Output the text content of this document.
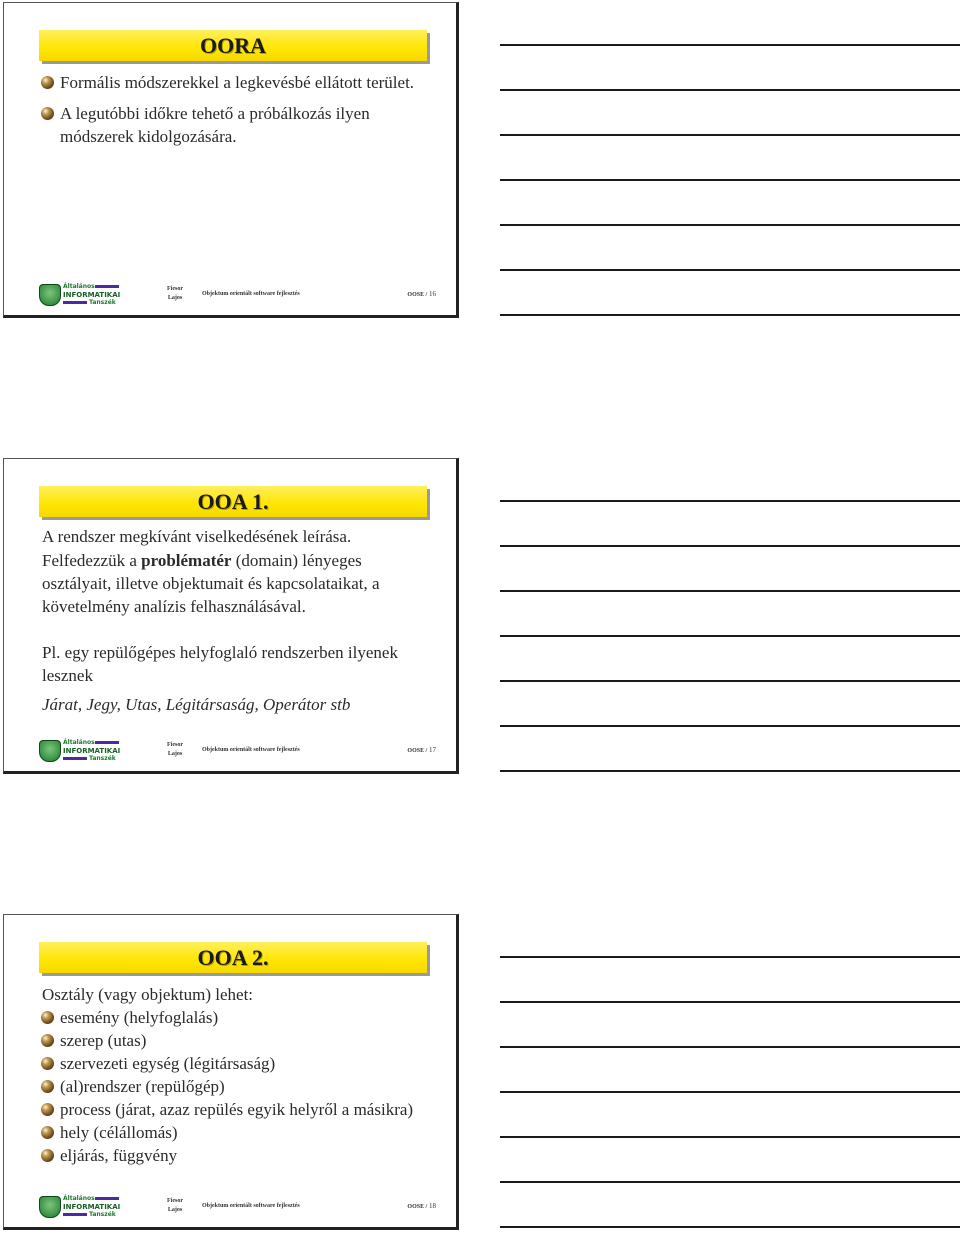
OORA
Formális módszerekkel a legkevésbé ellátott terület.
A legutóbbi időkre tehető a próbálkozás ilyen módszerek kidolgozására.
Általános
INFORMATIKAI
Tanszék
Fiesor
Lajos
Objektum orientált software fejlesztés	OOSE / 16
OOA 1.
A rendszer megkívánt viselkedésének leírása.
Felfedezzük a problématér (domain) lényeges osztályait, illetve objektumait és kapcsolataikat, a követelmény analízis felhasználásával.
Pl. egy repülőgépes helyfoglaló rendszerben ilyenek lesznek
Járat, Jegy, Utas, Légitársaság, Operátor stb
Általános
INFORMATIKAI
Tanszék
Fiesor
Lajos
Objektum orientált software fejlesztés	OOSE / 17
OOA 2.
Osztály (vagy objektum) lehet:
esemény (helyfoglalás)
szerep (utas)
szervezeti egység (légitársaság)
(al)rendszer (repülőgép)
process (járat, azaz repülés egyik helyről a másikra)
hely (célállomás)
eljárás, függvény
Általános
INFORMATIKAI
Tanszék
Fiesor
Lajos
Objektum orientált software fejlesztés	OOSE / 18
